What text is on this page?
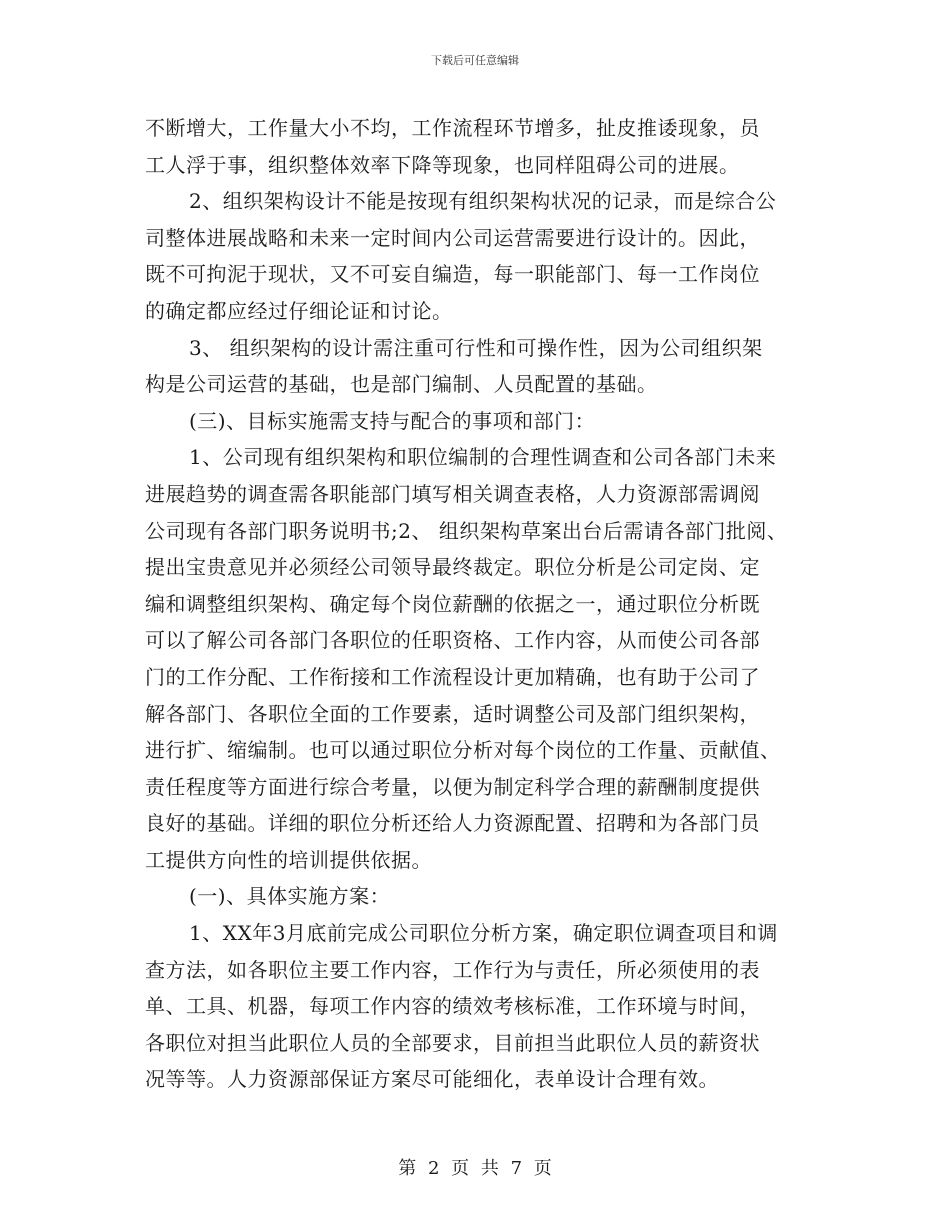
下载后可任意编辑
不断增大，工作量大小不均，工作流程环节增多，扯皮推诿现象，员
工人浮于事，组织整体效率下降等现象，也同样阻碍公司的进展。
2、组织架构设计不能是按现有组织架构状况的记录，而是综合公
司整体进展战略和未来一定时间内公司运营需要进行设计的。因此，
既不可拘泥于现状，又不可妄自编造，每一职能部门、每一工作岗位
的确定都应经过仔细论证和讨论。
3、 组织架构的设计需注重可行性和可操作性，因为公司组织架
构是公司运营的基础，也是部门编制、人员配置的基础。
(三)、目标实施需支持与配合的事项和部门：
1、公司现有组织架构和职位编制的合理性调查和公司各部门未来
进展趋势的调查需各职能部门填写相关调查表格，人力资源部需调阅
公司现有各部门职务说明书;2、 组织架构草案出台后需请各部门批阅、
提出宝贵意见并必须经公司领导最终裁定。职位分析是公司定岗、定
编和调整组织架构、确定每个岗位薪酬的依据之一，通过职位分析既
可以了解公司各部门各职位的任职资格、工作内容，从而使公司各部
门的工作分配、工作衔接和工作流程设计更加精确，也有助于公司了
解各部门、各职位全面的工作要素，适时调整公司及部门组织架构，
进行扩、缩编制。也可以通过职位分析对每个岗位的工作量、贡献值、
责任程度等方面进行综合考量，以便为制定科学合理的薪酬制度提供
良好的基础。详细的职位分析还给人力资源配置、招聘和为各部门员
工提供方向性的培训提供依据。
(一)、具体实施方案：
1、XX年3月底前完成公司职位分析方案，确定职位调查项目和调
查方法，如各职位主要工作内容，工作行为与责任，所必须使用的表
单、工具、机器，每项工作内容的绩效考核标准，工作环境与时间，
各职位对担当此职位人员的全部要求，目前担当此职位人员的薪资状
况等等。人力资源部保证方案尽可能细化，表单设计合理有效。
第 2 页 共 7 页
